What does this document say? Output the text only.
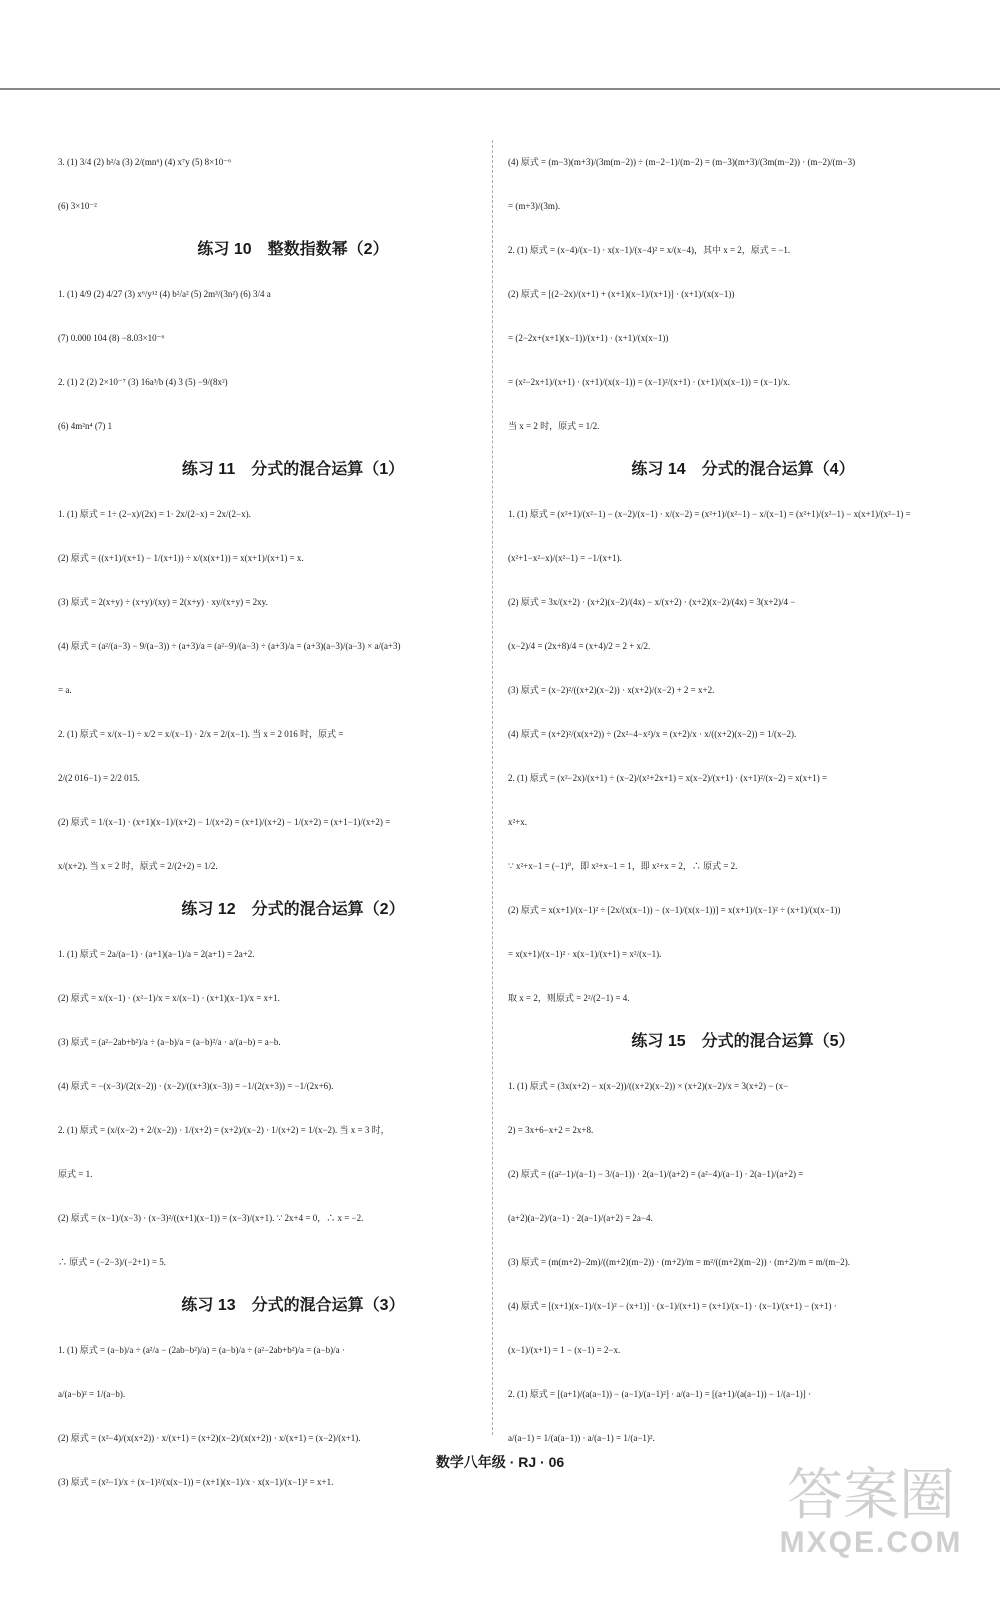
3. (1) 3/4 (2) b²/a (3) 2/(mn⁶) (4) x⁷y (5) 8×10⁻⁶
(6) 3×10⁻²
练习 10　整数指数幂（2）
1. (1) 4/9 (2) 4/27 (3) x⁶/y¹² (4) b²/a² (5) 2m³/(3n²) (6) 3/4 a
(7) 0.000 104 (8) −8.03×10⁻⁶
2. (1) 2 (2) 2×10⁻⁷ (3) 16a³/b (4) 3 (5) −9/(8x²)
(6) 4m²n⁴ (7) 1
练习 11　分式的混合运算（1）
1. (1) 原式 = 1÷ (2−x)/(2x) = 1· 2x/(2−x) = 2x/(2−x).
(2) 原式 = ((x+1)/(x+1) − 1/(x+1)) ÷ x/(x(x+1)) = x(x+1)/(x+1) = x.
(3) 原式 = 2(x+y) ÷ (x+y)/(xy) = 2(x+y) · xy/(x+y) = 2xy.
(4) 原式 = (a²/(a−3) − 9/(a−3)) ÷ (a+3)/a = (a²−9)/(a−3) ÷ (a+3)/a = (a+3)(a−3)/(a−3) × a/(a+3)
= a.
2. (1) 原式 = x/(x−1) ÷ x/2 = x/(x−1) · 2/x = 2/(x−1). 当 x = 2 016 时，原式 =
2/(2 016−1) = 2/2 015.
(2) 原式 = 1/(x−1) · (x+1)(x−1)/(x+2) − 1/(x+2) = (x+1)/(x+2) − 1/(x+2) = (x+1−1)/(x+2) =
x/(x+2). 当 x = 2 时，原式 = 2/(2+2) = 1/2.
练习 12　分式的混合运算（2）
1. (1) 原式 = 2a/(a−1) · (a+1)(a−1)/a = 2(a+1) = 2a+2.
(2) 原式 = x/(x−1) · (x²−1)/x = x/(x−1) · (x+1)(x−1)/x = x+1.
(3) 原式 = (a²−2ab+b²)/a ÷ (a−b)/a = (a−b)²/a · a/(a−b) = a−b.
(4) 原式 = −(x−3)/(2(x−2)) · (x−2)/((x+3)(x−3)) = −1/(2(x+3)) = −1/(2x+6).
2. (1) 原式 = (x/(x−2) + 2/(x−2)) · 1/(x+2) = (x+2)/(x−2) · 1/(x+2) = 1/(x−2). 当 x = 3 时，
原式 = 1.
(2) 原式 = (x−1)/(x−3) · (x−3)²/((x+1)(x−1)) = (x−3)/(x+1). ∵ 2x+4 = 0，∴ x = −2.
∴ 原式 = (−2−3)/(−2+1) = 5.
练习 13　分式的混合运算（3）
1. (1) 原式 = (a−b)/a ÷ (a²/a − (2ab−b²)/a) = (a−b)/a ÷ (a²−2ab+b²)/a = (a−b)/a ·
a/(a−b)² = 1/(a−b).
(2) 原式 = (x²−4)/(x(x+2)) · x/(x+1) = (x+2)(x−2)/(x(x+2)) · x/(x+1) = (x−2)/(x+1).
(3) 原式 = (x²−1)/x ÷ (x−1)²/(x(x−1)) = (x+1)(x−1)/x · x(x−1)/(x−1)² = x+1.
(4) 原式 = (m−3)(m+3)/(3m(m−2)) ÷ (m−2−1)/(m−2) = (m−3)(m+3)/(3m(m−2)) · (m−2)/(m−3)
= (m+3)/(3m).
2. (1) 原式 = (x−4)/(x−1) · x(x−1)/(x−4)² = x/(x−4)，其中 x = 2，原式 = −1.
(2) 原式 = [(2−2x)/(x+1) + (x+1)(x−1)/(x+1)] · (x+1)/(x(x−1))
= (2−2x+(x+1)(x−1))/(x+1) · (x+1)/(x(x−1))
= (x²−2x+1)/(x+1) · (x+1)/(x(x−1)) = (x−1)²/(x+1) · (x+1)/(x(x−1)) = (x−1)/x.
当 x = 2 时，原式 = 1/2.
练习 14　分式的混合运算（4）
1. (1) 原式 = (x²+1)/(x²−1) − (x−2)/(x−1) · x/(x−2) = (x²+1)/(x²−1) − x/(x−1) = (x²+1)/(x²−1) − x(x+1)/(x²−1) =
(x²+1−x²−x)/(x²−1) = −1/(x+1).
(2) 原式 = 3x/(x+2) · (x+2)(x−2)/(4x) − x/(x+2) · (x+2)(x−2)/(4x) = 3(x+2)/4 −
(x−2)/4 = (2x+8)/4 = (x+4)/2 = 2 + x/2.
(3) 原式 = (x−2)²/((x+2)(x−2)) · x(x+2)/(x−2) + 2 = x+2.
(4) 原式 = (x+2)²/(x(x+2)) ÷ (2x²−4−x²)/x = (x+2)/x · x/((x+2)(x−2)) = 1/(x−2).
2. (1) 原式 = (x²−2x)/(x+1) ÷ (x−2)/(x²+2x+1) = x(x−2)/(x+1) · (x+1)²/(x−2) = x(x+1) =
x²+x.
∵ x²+x−1 = (−1)⁰，即 x²+x−1 = 1，即 x²+x = 2，∴ 原式 = 2.
(2) 原式 = x(x+1)/(x−1)² ÷ [2x/(x(x−1)) − (x−1)/(x(x−1))] = x(x+1)/(x−1)² ÷ (x+1)/(x(x−1))
= x(x+1)/(x−1)² · x(x−1)/(x+1) = x²/(x−1).
取 x = 2，则原式 = 2²/(2−1) = 4.
练习 15　分式的混合运算（5）
1. (1) 原式 = (3x(x+2) − x(x−2))/((x+2)(x−2)) × (x+2)(x−2)/x = 3(x+2) − (x−
2) = 3x+6−x+2 = 2x+8.
(2) 原式 = ((a²−1)/(a−1) − 3/(a−1)) · 2(a−1)/(a+2) = (a²−4)/(a−1) · 2(a−1)/(a+2) =
(a+2)(a−2)/(a−1) · 2(a−1)/(a+2) = 2a−4.
(3) 原式 = (m(m+2)−2m)/((m+2)(m−2)) · (m+2)/m = m²/((m+2)(m−2)) · (m+2)/m = m/(m−2).
(4) 原式 = [(x+1)(x−1)/(x−1)² − (x+1)] · (x−1)/(x+1) = (x+1)/(x−1) · (x−1)/(x+1) − (x+1) ·
(x−1)/(x+1) = 1 − (x−1) = 2−x.
2. (1) 原式 = [(a+1)/(a(a−1)) − (a−1)/(a−1)²] · a/(a−1) = [(a+1)/(a(a−1)) − 1/(a−1)] ·
a/(a−1) = 1/(a(a−1)) · a/(a−1) = 1/(a−1)².
数学八年级 · RJ · 06
答案圈
MXQE.COM
